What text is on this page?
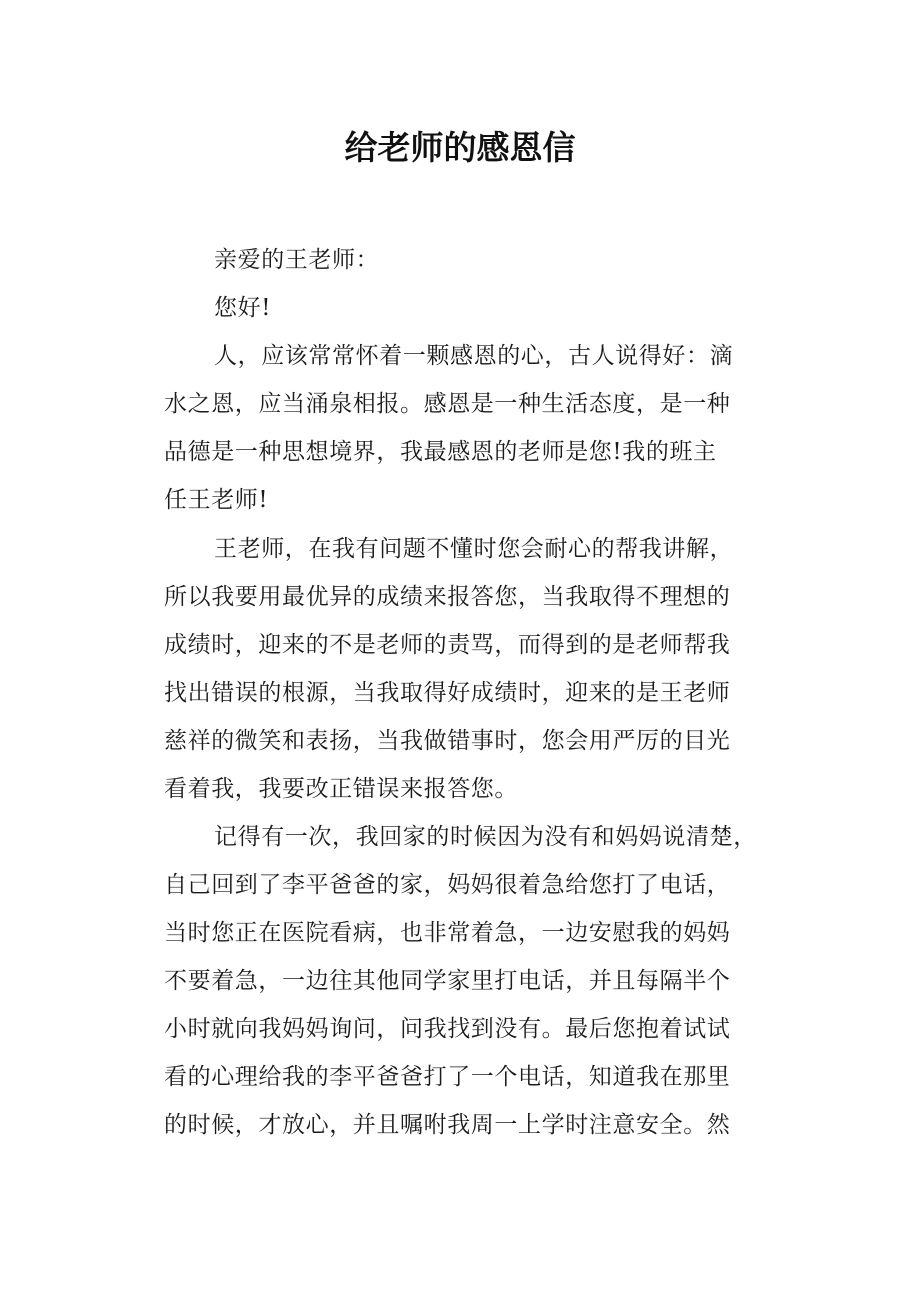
给老师的感恩信
亲爱的王老师：
您好!
人，应该常常怀着一颗感恩的心，古人说得好：滴
水之恩，应当涌泉相报。感恩是一种生活态度，是一种
品德是一种思想境界，我最感恩的老师是您!我的班主
任王老师!
王老师，在我有问题不懂时您会耐心的帮我讲解，
所以我要用最优异的成绩来报答您，当我取得不理想的
成绩时，迎来的不是老师的责骂，而得到的是老师帮我
找出错误的根源，当我取得好成绩时，迎来的是王老师
慈祥的微笑和表扬，当我做错事时，您会用严厉的目光
看着我，我要改正错误来报答您。
记得有一次，我回家的时候因为没有和妈妈说清楚，
自己回到了李平爸爸的家，妈妈很着急给您打了电话，
当时您正在医院看病，也非常着急，一边安慰我的妈妈
不要着急，一边往其他同学家里打电话，并且每隔半个
小时就向我妈妈询问，问我找到没有。最后您抱着试试
看的心理给我的李平爸爸打了一个电话，知道我在那里
的时候，才放心，并且嘱咐我周一上学时注意安全。然
